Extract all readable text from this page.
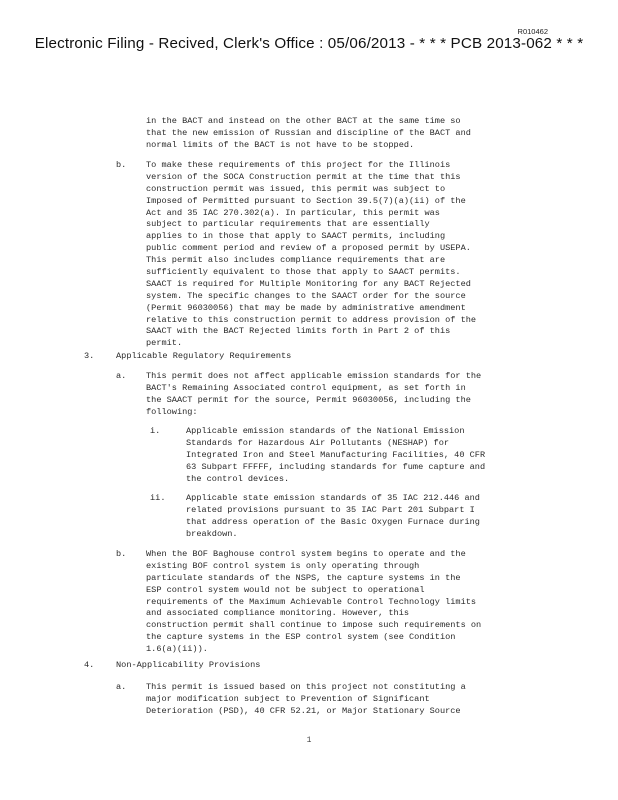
R010462
Electronic Filing - Recived, Clerk's Office : 05/06/2013 - * * * PCB 2013-062 * * *
in the BACT and instead on the other BACT at the same time so
that the new emission of Russian and discipline of the BACT and
normal limits of the BACT is not have to be stopped.
b. To make these requirements of this project for the Illinois
version of the SOCA Construction permit at the time that this
construction permit was issued, this permit was subject to
Imposed of Permitted pursuant to Section 39.5(7)(a)(ii) of the
Act and 35 IAC 270.302(a). In particular, this permit was
subject to particular requirements that are essentially
applies to in those that apply to SAACT permits, including
public comment period and review of a proposed permit by USEPA.
This permit also includes compliance requirements that are
sufficiently equivalent to those that apply to SAACT permits.
SAACT is required for Multiple Monitoring for any BACT Rejected
system. The specific changes to the SAACT order for the source
(Permit 96030056) that may be made by administrative amendment
relative to this construction permit to address provision of the
SAACT with the BACT Rejected limits forth in Part 2 of this
permit.
3.	Applicable Regulatory Requirements
a. This permit does not affect applicable emission standards for the
BACT's Remaining Associated control equipment, as set forth in
the SAACT permit for the source, Permit 96030056, including the
following:
i.	Applicable emission standards of the National Emission
Standards for Hazardous Air Pollutants (NESHAP) for
Integrated Iron and Steel Manufacturing Facilities, 40 CFR
63 Subpart FFFFF, including standards for fume capture and
the control devices.
ii. Applicable state emission standards of 35 IAC 212.446 and
related provisions pursuant to 35 IAC Part 201 Subpart I
that address operation of the Basic Oxygen Furnace during
breakdown.
b. When the BOF Baghouse control system begins to operate and the
existing BOF control system is only operating through
particulate standards of the NSPS, the capture systems in the
ESP control system would not be subject to operational
requirements of the Maximum Achievable Control Technology limits
and associated compliance monitoring. However, this
construction permit shall continue to impose such requirements on
the capture systems in the ESP control system (see Condition
1.6(a)(ii)).
4.	Non-Applicability Provisions
a. This permit is issued based on this project not constituting a
major modification subject to Prevention of Significant
Deterioration (PSD), 40 CFR 52.21, or Major Stationary Source
1
